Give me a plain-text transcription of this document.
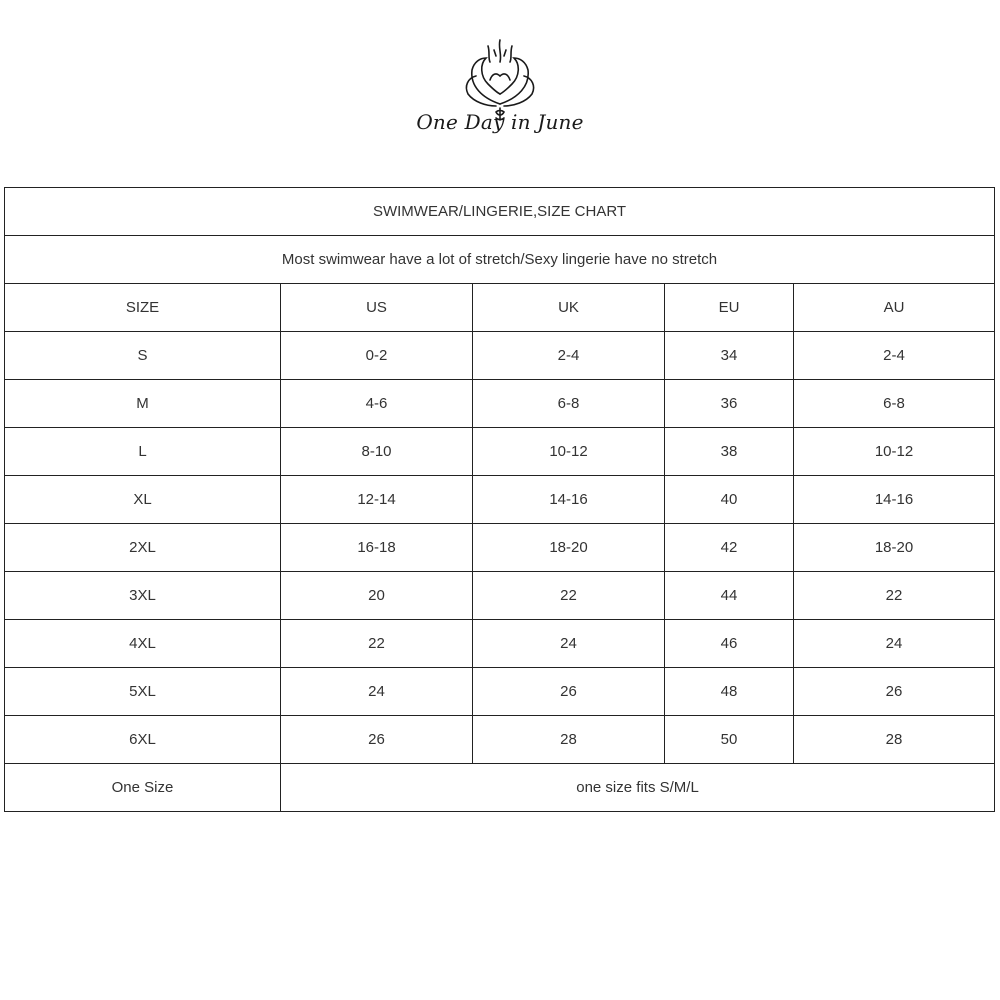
One Day in June
SWIMWEAR/LINGERIE,SIZE CHART				
Most swimwear have a lot of stretch/Sexy lingerie have no stretch				
SIZE	US	UK	EU	AU
S	0-2	2-4	34	2-4
M	4-6	6-8	36	6-8
L	8-10	10-12	38	10-12
XL	12-14	14-16	40	14-16
2XL	16-18	18-20	42	18-20
3XL	20	22	44	22
4XL	22	24	46	24
5XL	24	26	48	26
6XL	26	28	50	28
One Size	one size fits S/M/L			
